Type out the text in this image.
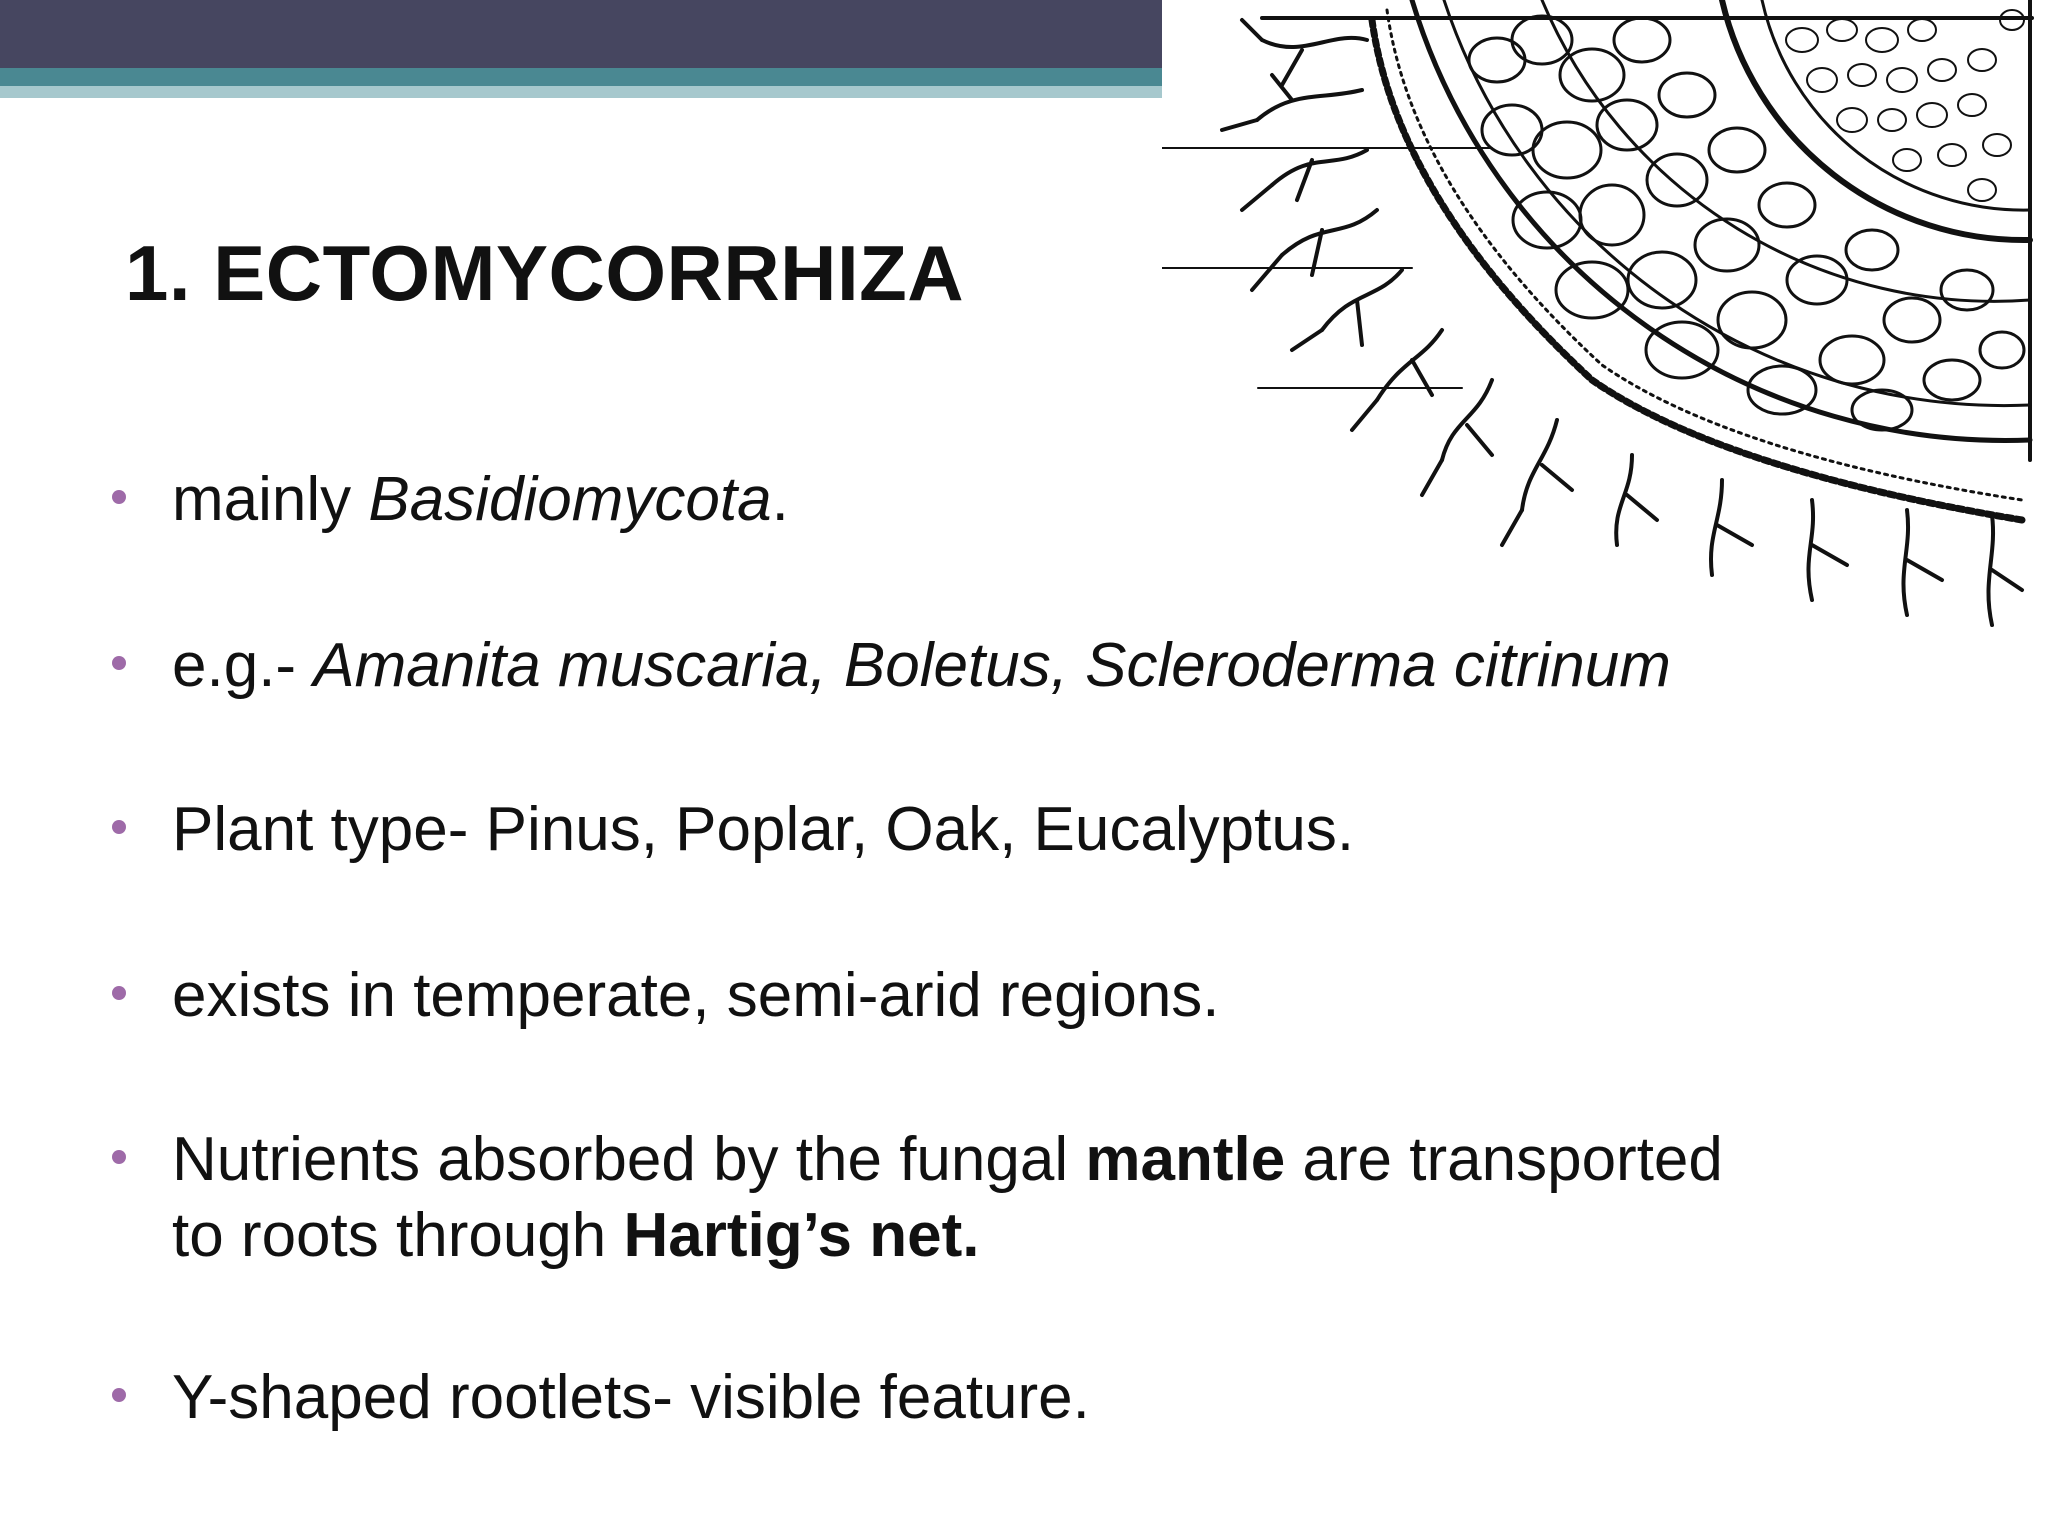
1. ECTOMYCORRHIZA
mainly Basidiomycota.
e.g.- Amanita muscaria, Boletus, Scleroderma citrinum
Plant type- Pinus, Poplar, Oak, Eucalyptus.
exists in temperate, semi-arid regions.
Nutrients absorbed by the fungal mantle are transported
to roots through Hartig’s net.
Y-shaped rootlets- visible feature.
